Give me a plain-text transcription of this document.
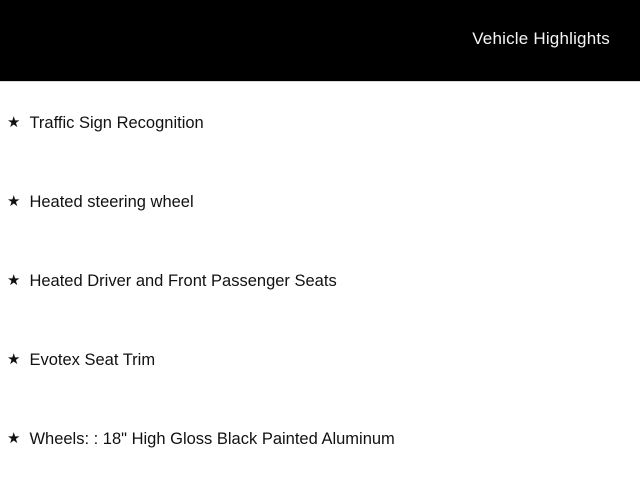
Vehicle Highlights
★ Traffic Sign Recognition
★ Heated steering wheel
★ Heated Driver and Front Passenger Seats
★ Evotex Seat Trim
★ Wheels: : 18" High Gloss Black Painted Aluminum
